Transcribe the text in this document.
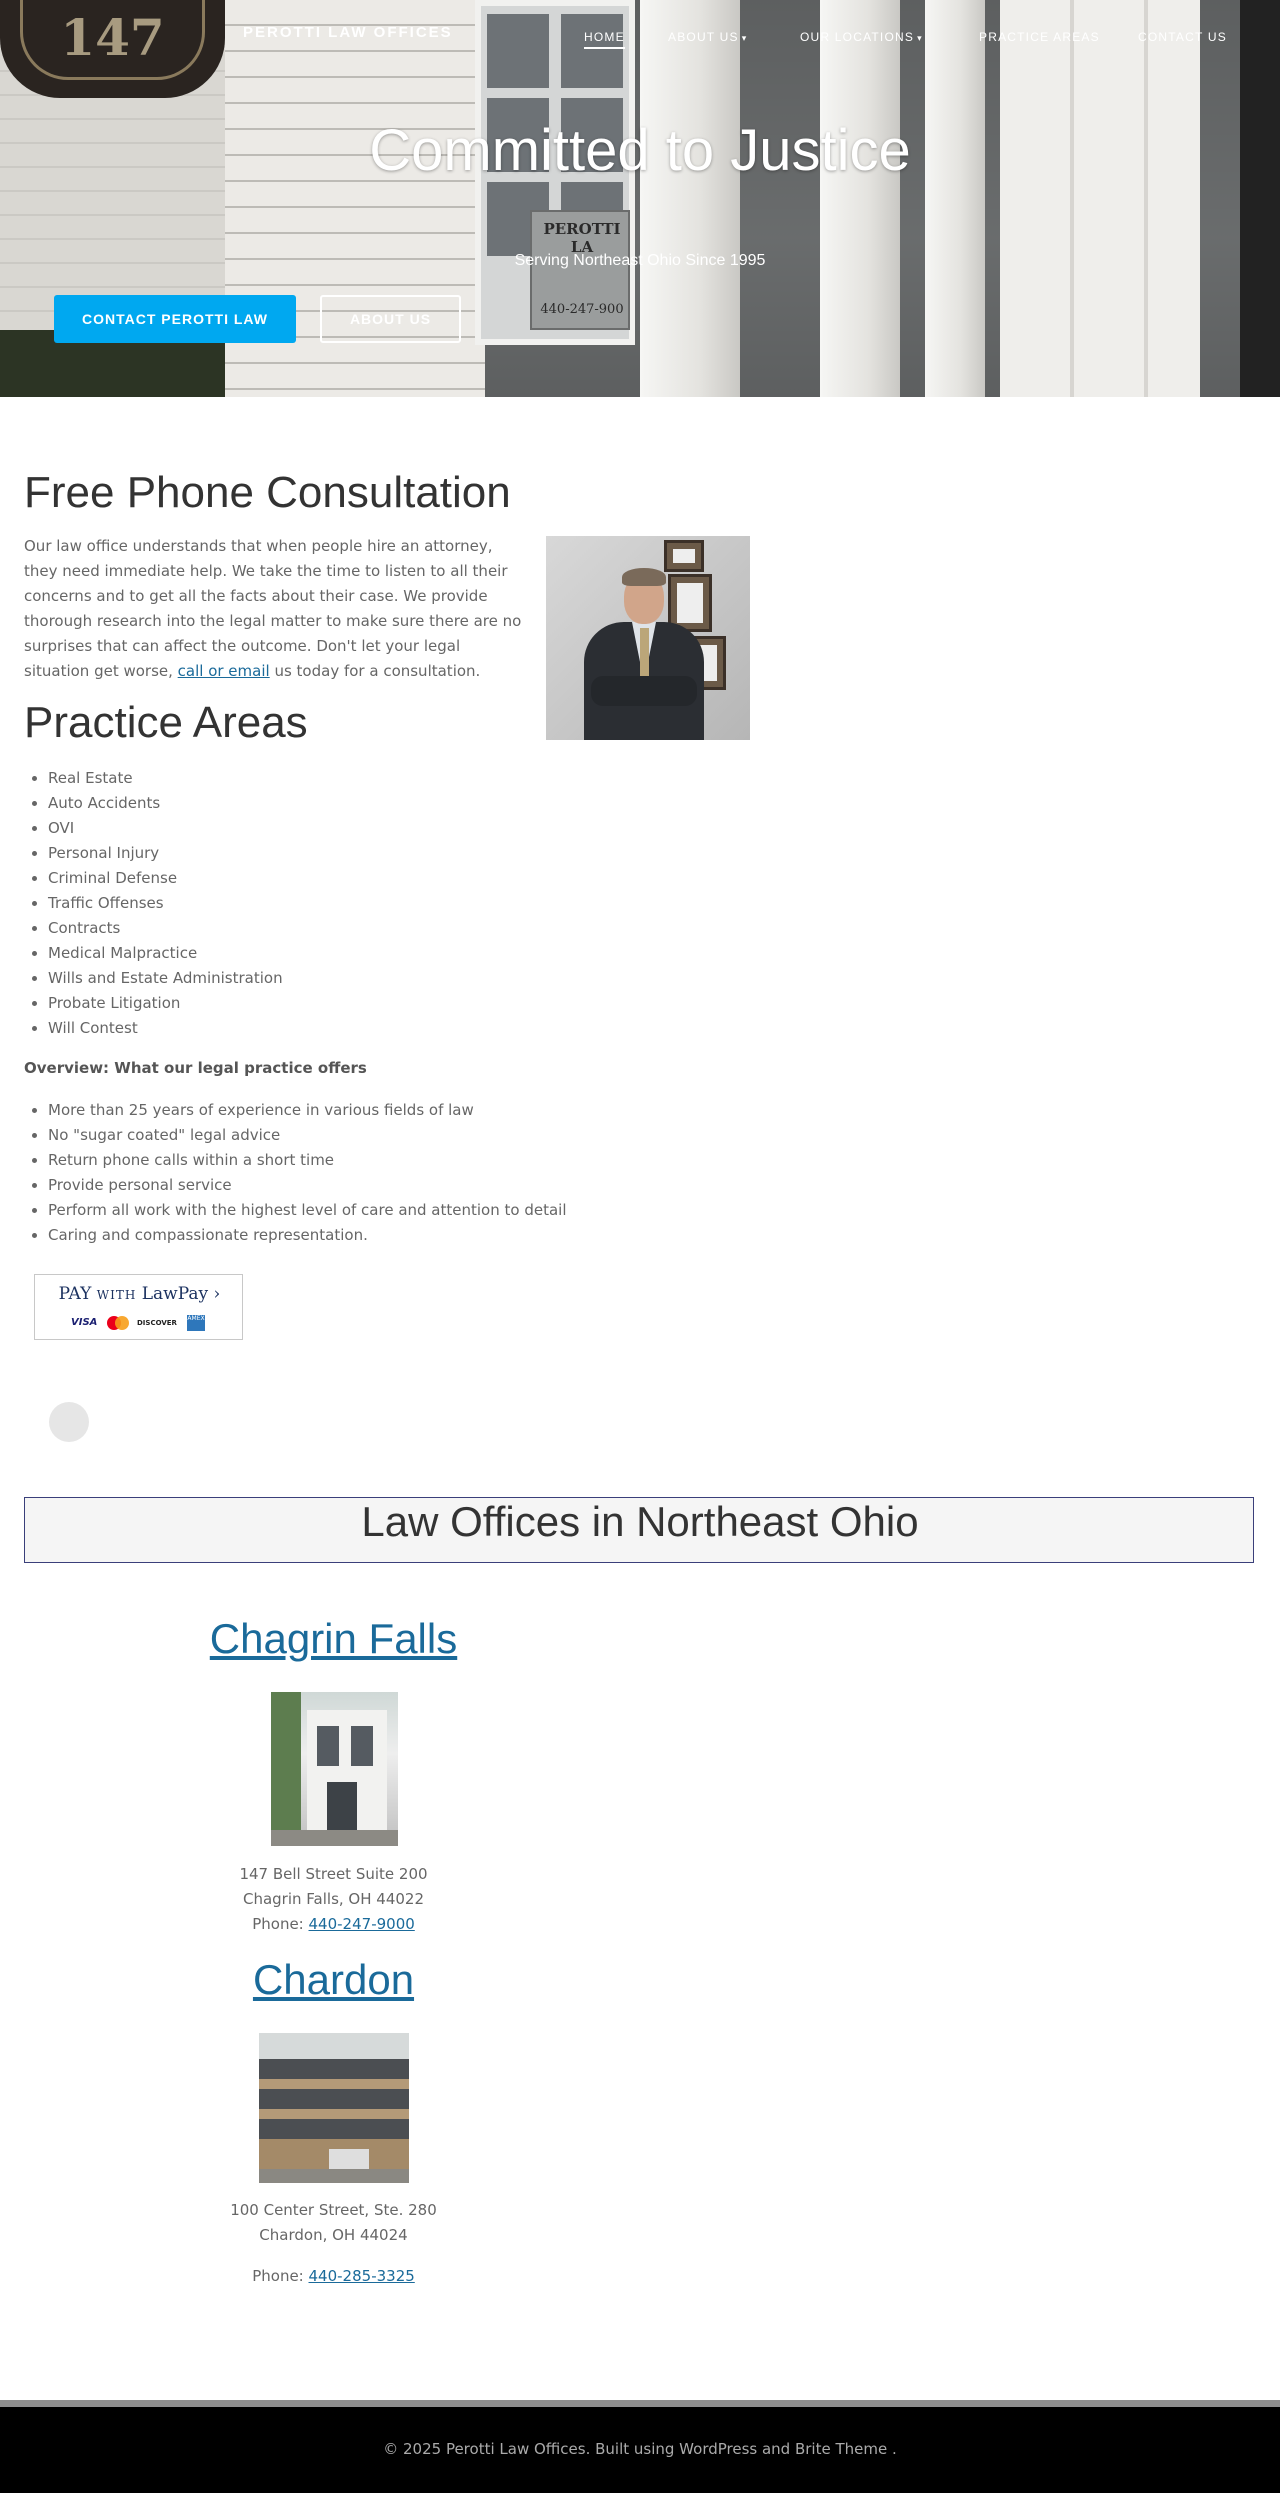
PEROTTI LA
440-247-900
147	PEROTTI LAW OFFICES	HOME	ABOUT US ▾	OUR LOCATIONS ▾	PRACTICE AREAS	CONTACT US
Committed to Justice
Serving Northeast Ohio Since 1995
CONTACT PEROTTI LAW	ABOUT US
Free Phone Consultation

Our law office understands that when people hire an attorney, they need immediate help. We take the time to listen to all their concerns and to get all the facts about their case. We provide thorough research into the legal matter to make sure there are no surprises that can affect the outcome. Don't let your legal situation get worse, call or email us today for a consultation.

Practice Areas
• Real Estate
• Auto Accidents
• OVI
• Personal Injury
• Criminal Defense
• Traffic Offenses
• Contracts
• Medical Malpractice
• Wills and Estate Administration
• Probate Litigation
• Will Contest
Overview: What our legal practice offers
• More than 25 years of experience in various fields of law
• No "sugar coated" legal advice
• Return phone calls within a short time
• Provide personal service
• Perform all work with the highest level of care and attention to detail
• Caring and compassionate representation.
PAY WITH LawPay ›
VISA	DISCOVER
AMEX
Law Offices in Northeast Ohio
Chagrin Falls
147 Bell Street Suite 200
Chagrin Falls, OH 44022
Phone: 440-247-9000
Chardon
100 Center Street, Ste. 280
Chardon, OH 44024
Phone: 440-285-3325
© 2025 Perotti Law Offices. Built using WordPress and Brite Theme .
